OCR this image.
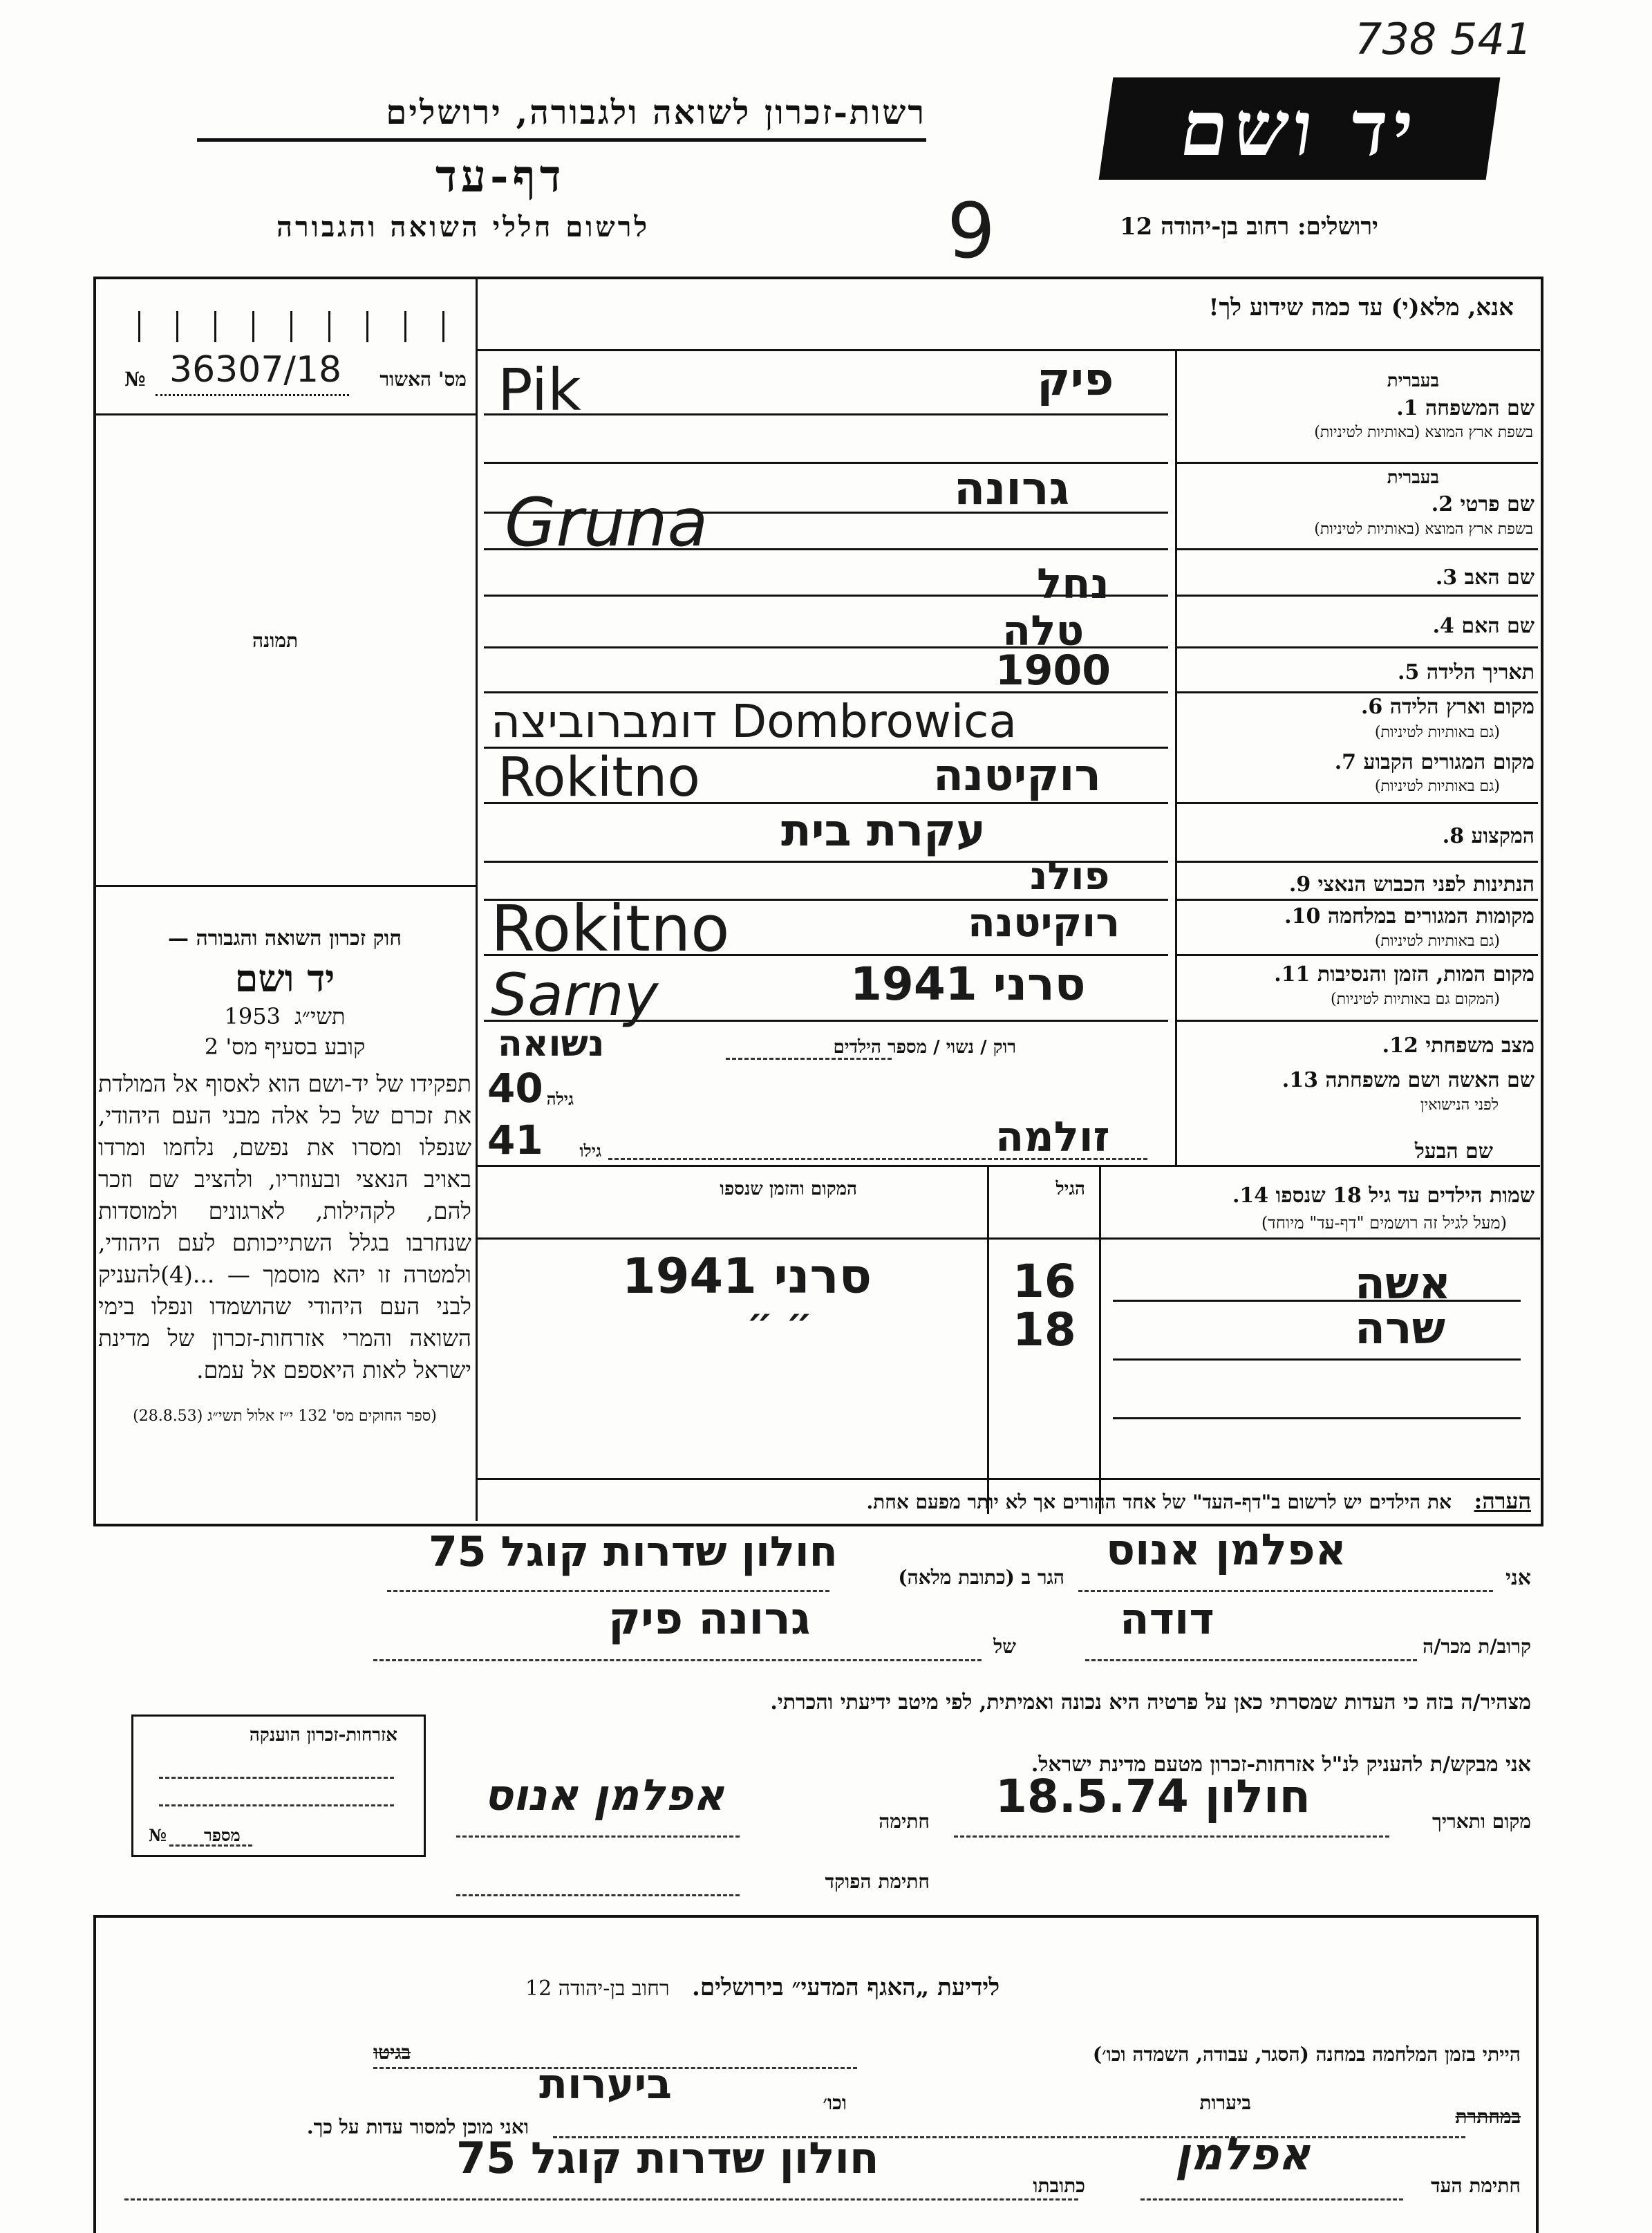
738 541
רשות-זכרון לשואה ולגבורה, ירושלים
דף-עד
לרשום חללי השואה והגבורה	9
יד ושם
ירושלים: רחוב בן-יהודה 12
אנא, מלא(י) עד כמה שידוע לך!
№ 36307/18 מס' האשור
תמונה

חוק זכרון השואה והגבורה —

יד ושם

תשי״ג  1953

קובע בסעיף מס' 2

תפקידו של יד-ושם הוא לאסוף אל המולדת את זכרם של כל אלה מבני העם היהודי, שנפלו ומסרו את נפשם, נלחמו ומרדו באויב הנאצי ובעוזריו, ולהציב שם וזכר להם, לקהילות, לארגונים ולמוסדות שנחרבו בגלל השתייכותם לעם היהודי, ולמטרה זו יהא מוסמך — ...(4)להעניק לבני העם היהודי שהושמדו ונפלו בימי השואה והמרי אזרחות-זכרון של מדינת ישראל לאות היאספם אל עמם.

(ספר החוקים מס' 132 י״ז אלול תשי״ג (28.8.53)

בעברית
שם המשפחה 1.
בשפת ארץ המוצא (באותיות לטיניות)
בעברית
שם פרטי 2.
בשפת ארץ המוצא (באותיות לטיניות)
שם האב 3.
שם האם 4.
תאריך הלידה 5.
מקום וארץ הלידה 6.
(גם באותיות לטיניות)
מקום המגורים הקבוע 7.
(גם באותיות לטיניות)
המקצוע 8.
הנתינות לפני הכבוש הנאצי 9.
מקומות המגורים במלחמה 10.
(גם באותיות לטיניות)
מקום המות, הזמן והנסיבות 11.
(המקום גם באותיות לטיניות)
מצב משפחתי 12.
רוק / נשוי / מספר הילדים
שם האשה ושם משפחתה 13.
לפני הנישואין
גילה
שם הבעל
גילו
פיק
Pik
גרונה
Gruna
נחל
טלה
1900
דומברוביצה Dombrowica
רוקיטנה
Rokitno
עקרת בית
פולנ
רוקיטנה
Rokitno
סרני 1941
Sarny
נשואה
40
זולמה
41
שמות הילדים עד גיל 18 שנספו 14.
(מעל לגיל זה רושמים "דף-עד" מיוחד)
הגיל
המקום והזמן שנספו
אשה
16
סרני 1941
שרה
18
״ ״
הערה:
את הילדים יש לרשום ב"דף-העד" של אחד ההורים אך לא יותר מפעם אחת.
אני
אפלמן אנוס
הגר ב (כתובת מלאה)
חולון שדרות קוגל 75
קרוב/ת מכר/ה
דודה
של
גרונה פיק
מצהיר/ה בזה כי העדות שמסרתי כאן על פרטיה היא נכונה ואמיתית, לפי מיטב ידיעתי והכרתי.
אני מבקש/ת להעניק לנ"ל אזרחות-זכרון מטעם מדינת ישראל.
מקום ותאריך
חולון 18.5.74
חתימה
אפלמן אנוס
חתימת הפוקד
אזרחות-זכרון הוענקה
№ מספר
לידיעת „האגף המדעי״ בירושלים.   רחוב בן-יהודה 12
הייתי בזמן המלחמה במחנה (הסגר, עבודה, השמדה וכו׳)
בגיטו
במחתרת
ביערות
וכו׳
ואני מוכן למסור עדות על כך.
ביערות
חתימת העד
אפלמן
כתובתו
חולון שדרות קוגל 75
